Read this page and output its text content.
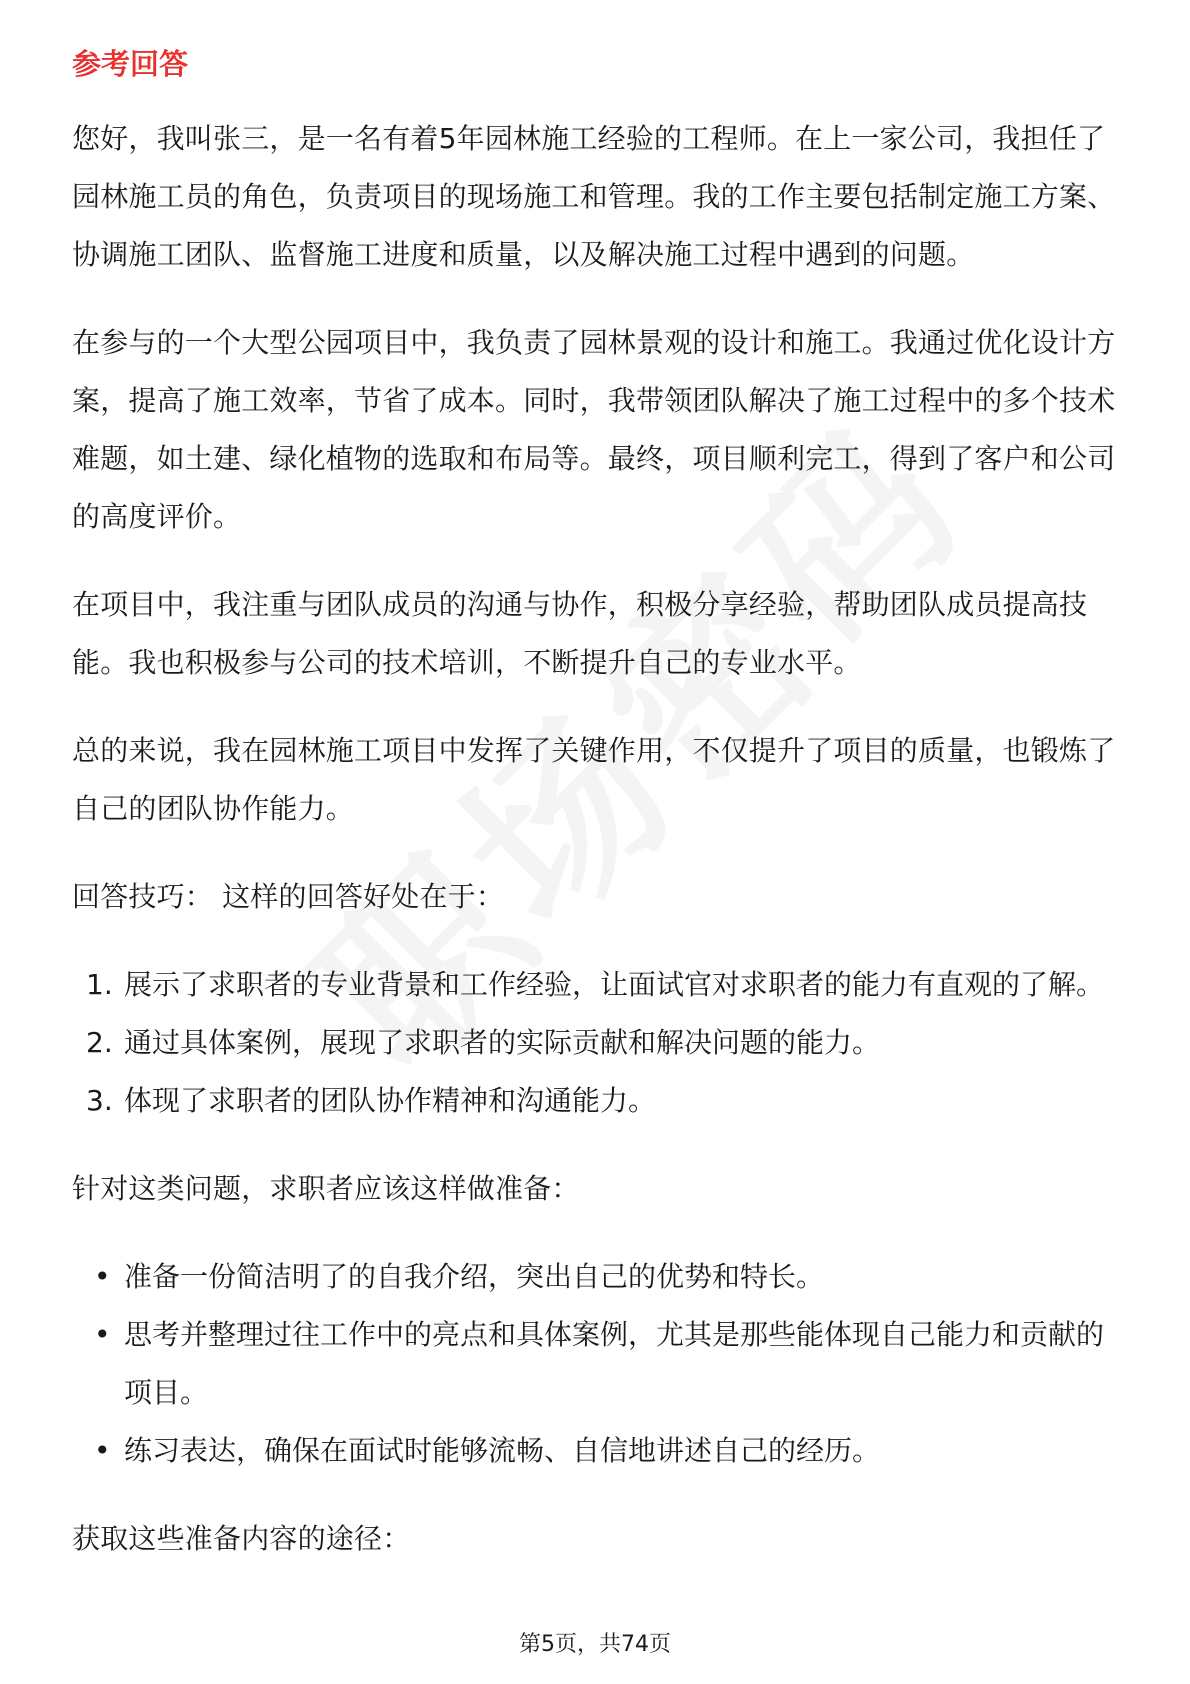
参考回答

您好，我叫张三，是一名有着5年园林施工经验的工程师。在上一家公司，我担任了园林施工员的角色，负责项目的现场施工和管理。我的工作主要包括制定施工方案、协调施工团队、监督施工进度和质量，以及解决施工过程中遇到的问题。

在参与的一个大型公园项目中，我负责了园林景观的设计和施工。我通过优化设计方案，提高了施工效率，节省了成本。同时，我带领团队解决了施工过程中的多个技术难题，如土建、绿化植物的选取和布局等。最终，项目顺利完工，得到了客户和公司的高度评价。

在项目中，我注重与团队成员的沟通与协作，积极分享经验，帮助团队成员提高技能。我也积极参与公司的技术培训，不断提升自己的专业水平。

总的来说，我在园林施工项目中发挥了关键作用，不仅提升了项目的质量，也锻炼了自己的团队协作能力。

回答技巧： 这样的回答好处在于：

1. 展示了求职者的专业背景和工作经验，让面试官对求职者的能力有直观的了解。
2. 通过具体案例，展现了求职者的实际贡献和解决问题的能力。
3. 体现了求职者的团队协作精神和沟通能力。

针对这类问题，求职者应该这样做准备：

• 准备一份简洁明了的自我介绍，突出自己的优势和特长。
• 思考并整理过往工作中的亮点和具体案例，尤其是那些能体现自己能力和贡献的项目。
• 练习表达，确保在面试时能够流畅、自信地讲述自己的经历。

获取这些准备内容的途径：

第5页，共74页
